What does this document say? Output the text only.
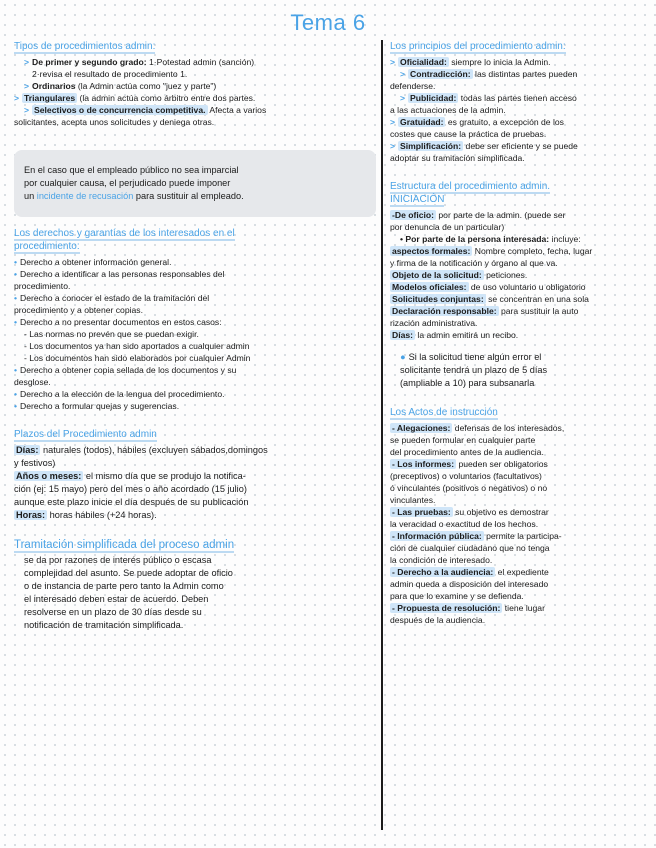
Tema 6
Tipos de procedimientos admin:

> De primer y segundo grado: 1·Potestad admin (sanción)

2·revisa el resultado de procedimiento 1.

> Ordinarios (la Admin actúa como "juez y parte")

> Triangulares (la admin actúa como árbitro entre dos partes.

> Selectivos o de concurrencia competitiva. Afecta a varios

solicitantes, acepta unos solicitudes y deniega otras.

En el caso que el empleado público no sea imparcial

por cualquier causa, el perjudicado puede imponer

un incidente de recusación para sustituir al empleado.

Los derechos y garantías de los interesados en el
procedimiento:

• Derecho a obtener información general.

• Derecho a identificar a las personas responsables del

procedimiento.

• Derecho a conocer el estado de la tramitación del

procedimiento y a obtener copias.

• Derecho a no presentar documentos en estos casos:

- Las normas no prevén que se puedan exigir.

- Los documentos ya han sido aportados a cualquier admin

- Los documentos han sido elaborados por cualquier Admin

• Derecho a obtener copia sellada de los documentos y su

desglose.

• Derecho a la elección de la lengua del procedimiento.

• Derecho a formular quejas y sugerencias.

Plazos del Procedimiento admin

Días: naturales (todos), hábiles (excluyen sábados,domingos

y festivos)

Años o meses: el mismo día que se produjo la notifica-

ción (ej: 15 mayo) pero del mes o año acordado (15 julio)

aunque este plazo inicie el día después de su publicación

Horas: horas hábiles (+24 horas).

Tramitación simplificada del proceso admin

se da por razones de interés público o escasa

complejidad del asunto. Se puede adoptar de oficio

o de instancia de parte pero tanto la Admin como

el interesado deben estar de acuerdo. Deben

resolverse en un plazo de 30 días desde su

notificación de tramitación simplificada.

Los principios del procedimiento admin:

> Oficialidad: siempre lo inicia la Admin.

> Contradicción: las distintas partes pueden

defenderse.

> Publicidad: todas las partes tienen acceso

a las actuaciones de la admin.

> Gratuidad: es gratuito, a excepción de los

costes que cause la práctica de pruebas.

> Simplificación: debe ser eficiente y se puede

adoptar su tramitación simplificada.

Estructura del procedimiento admin.
INICIACIÓN

-De oficio: por parte de la admin. (puede ser

por denuncia de un particular)

• Por parte de la persona interesada: incluye:

aspectos formales: Nombre completo, fecha, lugar

y firma de la notificación y órgano al que va.

Objeto de la solicitud: peticiones.

Modelos oficiales: de uso voluntario u obligatorio

Solicitudes conjuntas: se concentran en una sola

Declaración responsable: para sustituir la auto

rización administrativa.

Días: la admin emitirá un recibo.

● Si la solicitud tiene algún error el

solicitante tendrá un plazo de 5 días

(ampliable a 10) para subsanarla

Los Actos de instrucción

- Alegaciones: defensas de los interesados,

se pueden formular en cualquier parte

del procedimiento antes de la audiencia.

- Los informes: pueden ser obligatorios

(preceptivos) o voluntarios (facultativos)

ó vinculantes (positivos o negativos) o no

vinculantes.

- Las pruebas: su objetivo es demostrar

la veracidad o exactitud de los hechos.

- Información pública: permite la participa-

ción de cualquier ciudadano que no tenga

la condición de interesado.

- Derecho a la audiencia: el expediente

admin queda a disposición del interesado

para que lo examine y se defienda.

- Propuesta de resolución: tiene lugar

después de la audiencia.
